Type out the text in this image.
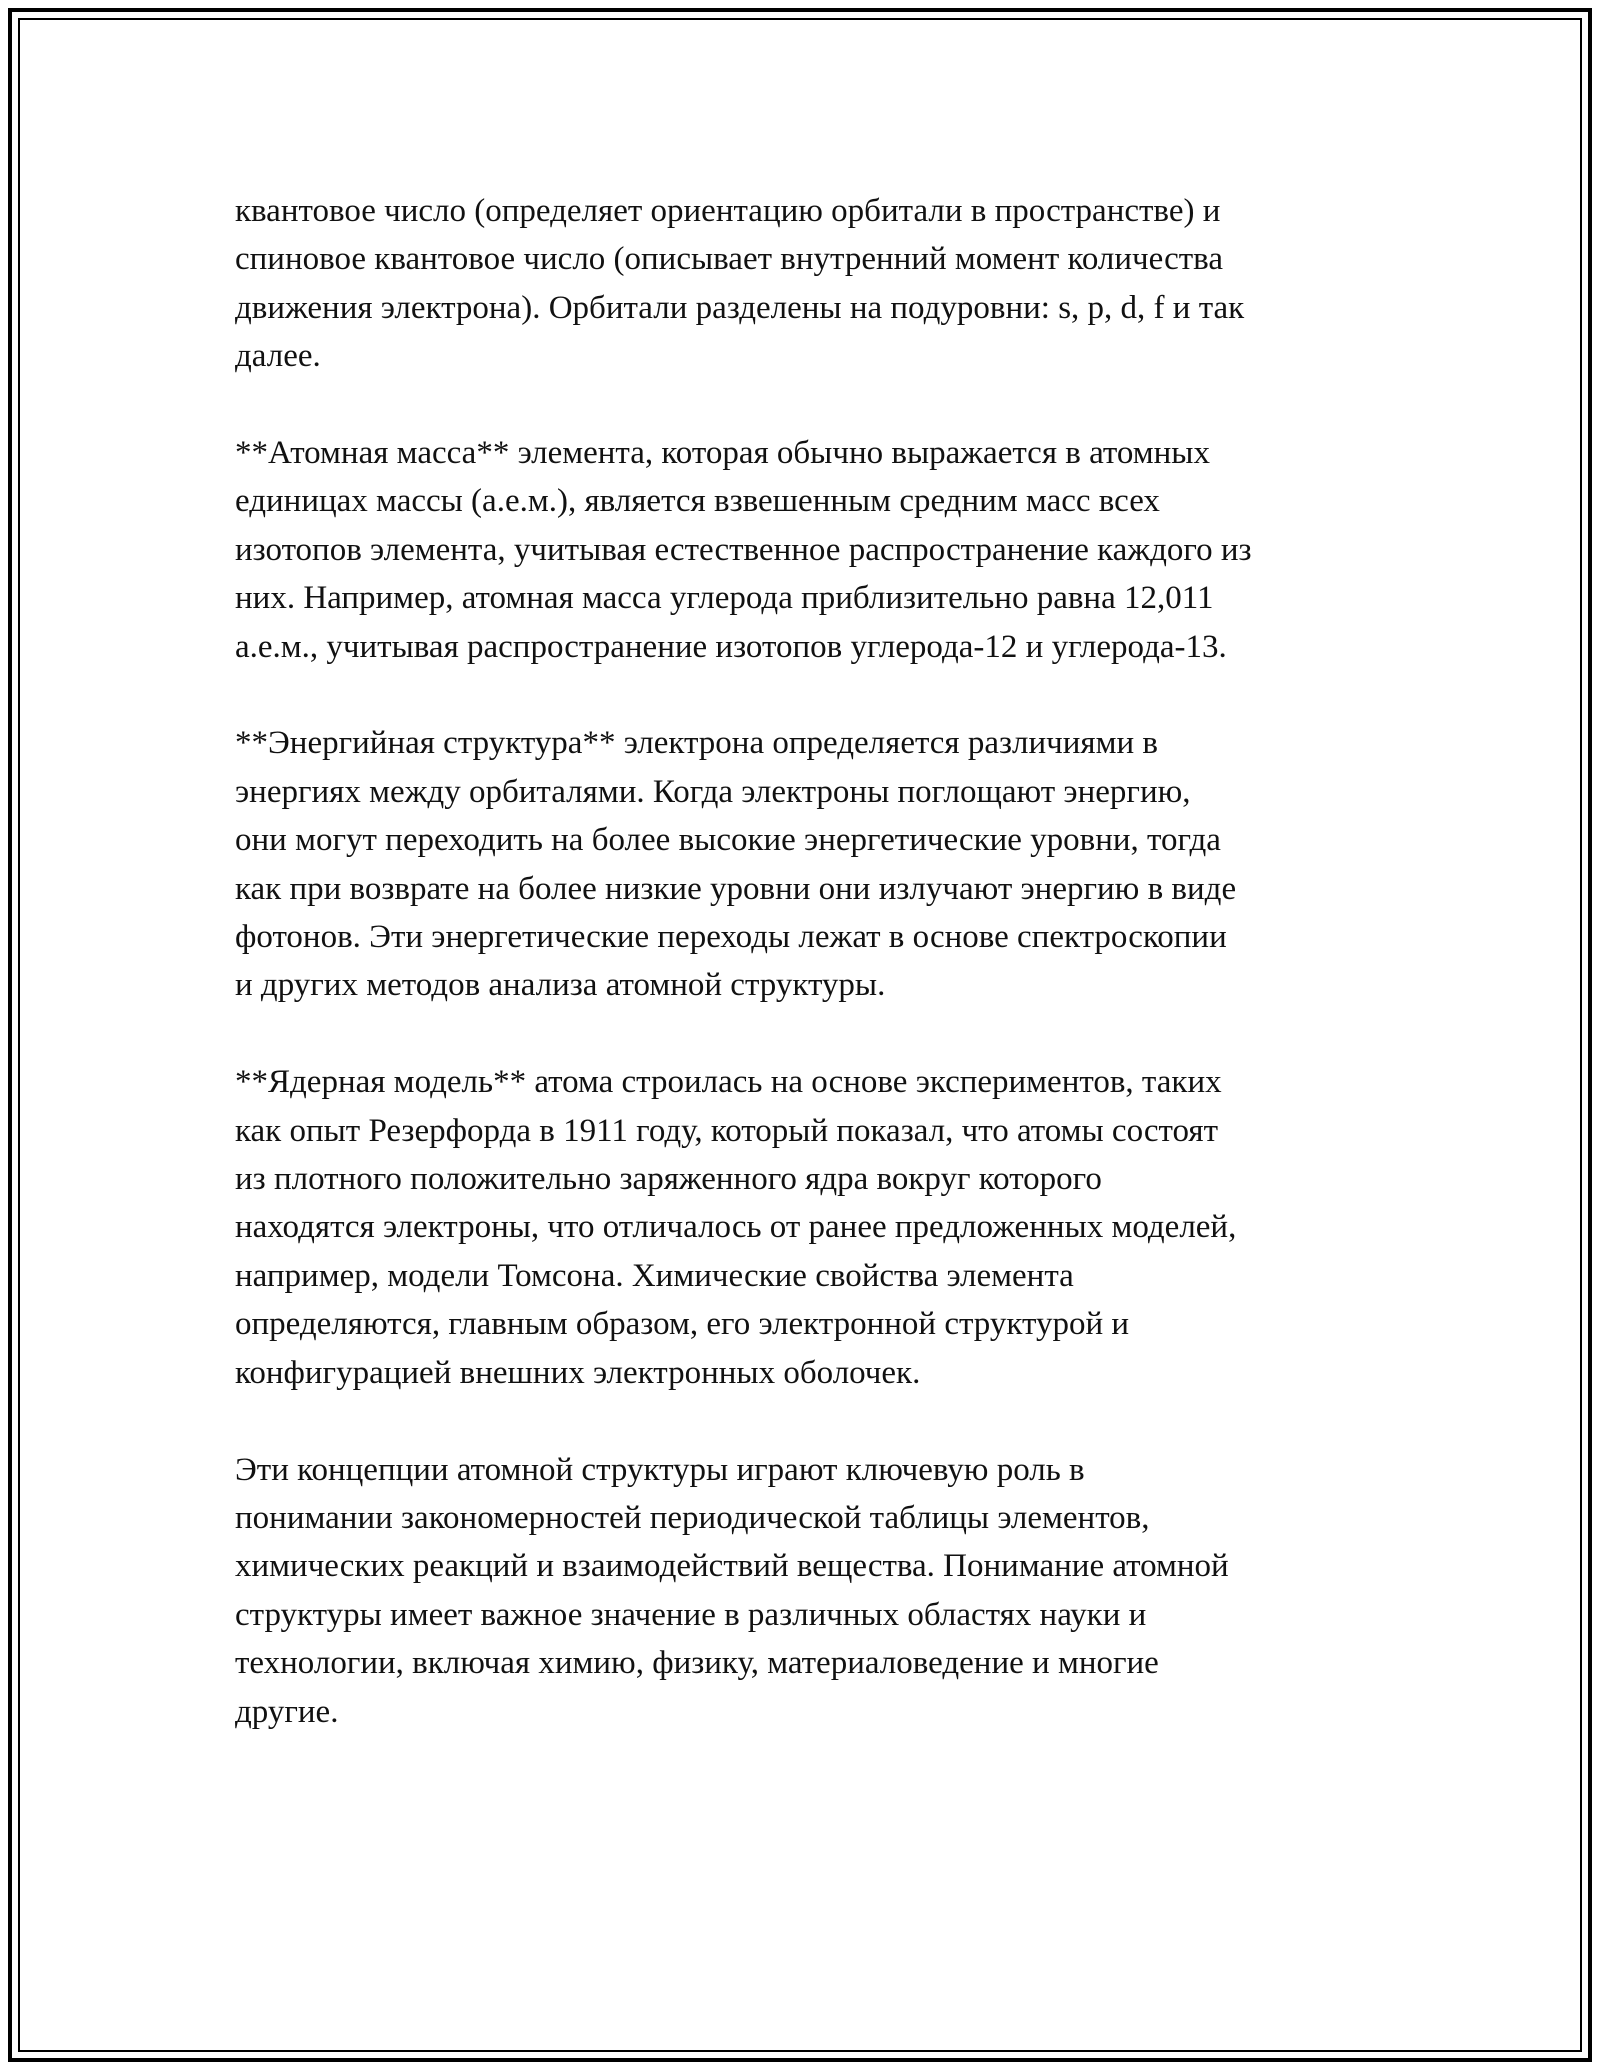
квантовое число (определяет ориентацию орбитали в пространстве) и
спиновое квантовое число (описывает внутренний момент количества
движения электрона). Орбитали разделены на подуровни: s, p, d, f и так
далее.
**Атомная масса** элемента, которая обычно выражается в атомных
единицах массы (а.е.м.), является взвешенным средним масс всех
изотопов элемента, учитывая естественное распространение каждого из
них. Например, атомная масса углерода приблизительно равна 12,011
а.е.м., учитывая распространение изотопов углерода-12 и углерода-13.
**Энергийная структура** электрона определяется различиями в
энергиях между орбиталями. Когда электроны поглощают энергию,
они могут переходить на более высокие энергетические уровни, тогда
как при возврате на более низкие уровни они излучают энергию в виде
фотонов. Эти энергетические переходы лежат в основе спектроскопии
и других методов анализа атомной структуры.
**Ядерная модель** атома строилась на основе экспериментов, таких
как опыт Резерфорда в 1911 году, который показал, что атомы состоят
из плотного положительно заряженного ядра вокруг которого
находятся электроны, что отличалось от ранее предложенных моделей,
например, модели Томсона. Химические свойства элемента
определяются, главным образом, его электронной структурой и
конфигурацией внешних электронных оболочек.
Эти концепции атомной структуры играют ключевую роль в
понимании закономерностей периодической таблицы элементов,
химических реакций и взаимодействий вещества. Понимание атомной
структуры имеет важное значение в различных областях науки и
технологии, включая химию, физику, материаловедение и многие
другие.
